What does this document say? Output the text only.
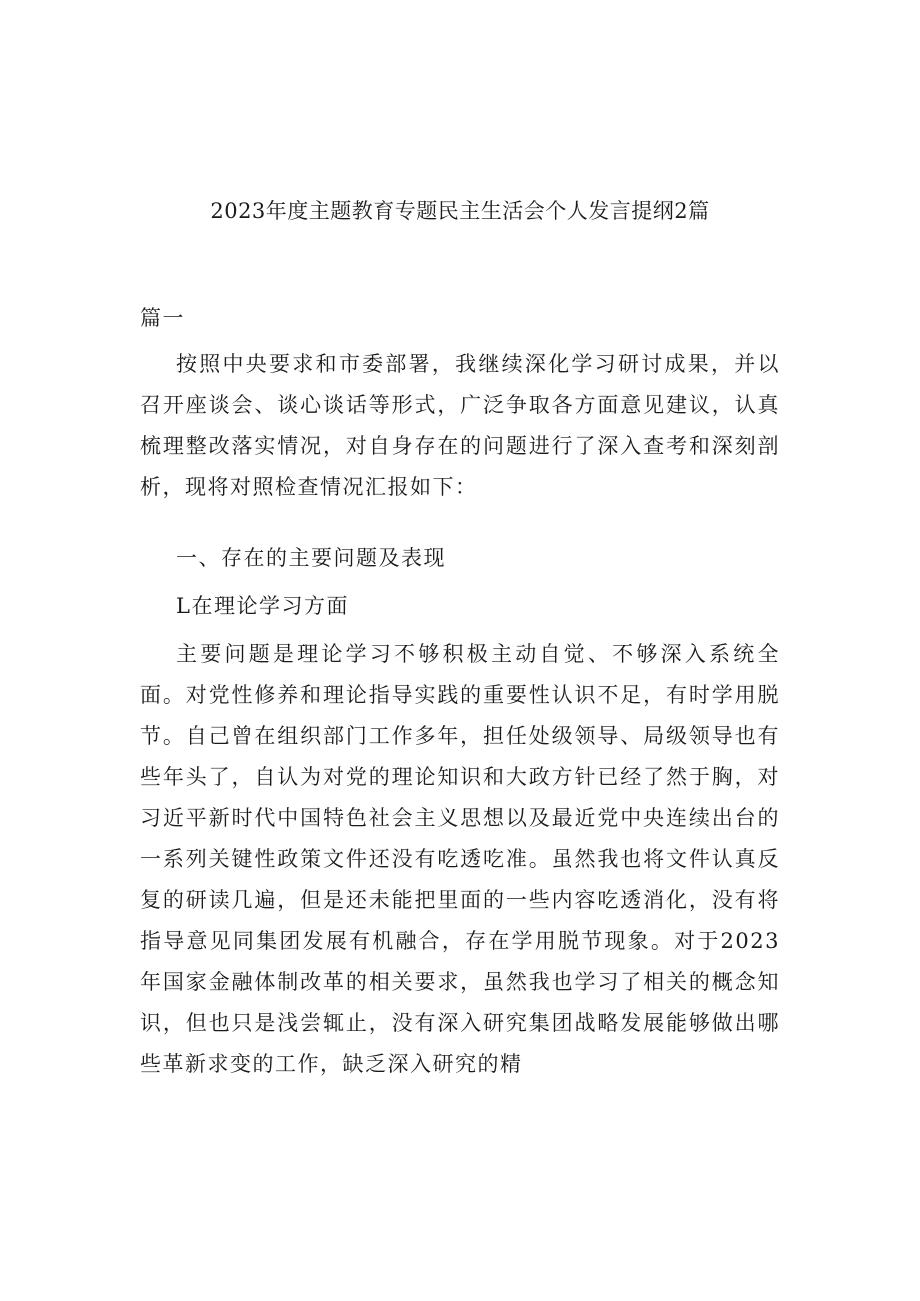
2023年度主题教育专题民主生活会个人发言提纲2篇
篇一
按照中央要求和市委部署，我继续深化学习研讨成果，并以召开座谈会、谈心谈话等形式，广泛争取各方面意见建议，认真梳理整改落实情况，对自身存在的问题进行了深入查考和深刻剖析，现将对照检查情况汇报如下：
一、存在的主要问题及表现
L在理论学习方面
主要问题是理论学习不够积极主动自觉、不够深入系统全面。对党性修养和理论指导实践的重要性认识不足，有时学用脱节。自己曾在组织部门工作多年，担任处级领导、局级领导也有些年头了，自认为对党的理论知识和大政方针已经了然于胸，对习近平新时代中国特色社会主义思想以及最近党中央连续出台的一系列关键性政策文件还没有吃透吃准。虽然我也将文件认真反复的研读几遍，但是还未能把里面的一些内容吃透消化，没有将指导意见同集团发展有机融合，存在学用脱节现象。对于2023年国家金融体制改革的相关要求，虽然我也学习了相关的概念知识，但也只是浅尝辄止，没有深入研究集团战略发展能够做出哪些革新求变的工作，缺乏深入研究的精
